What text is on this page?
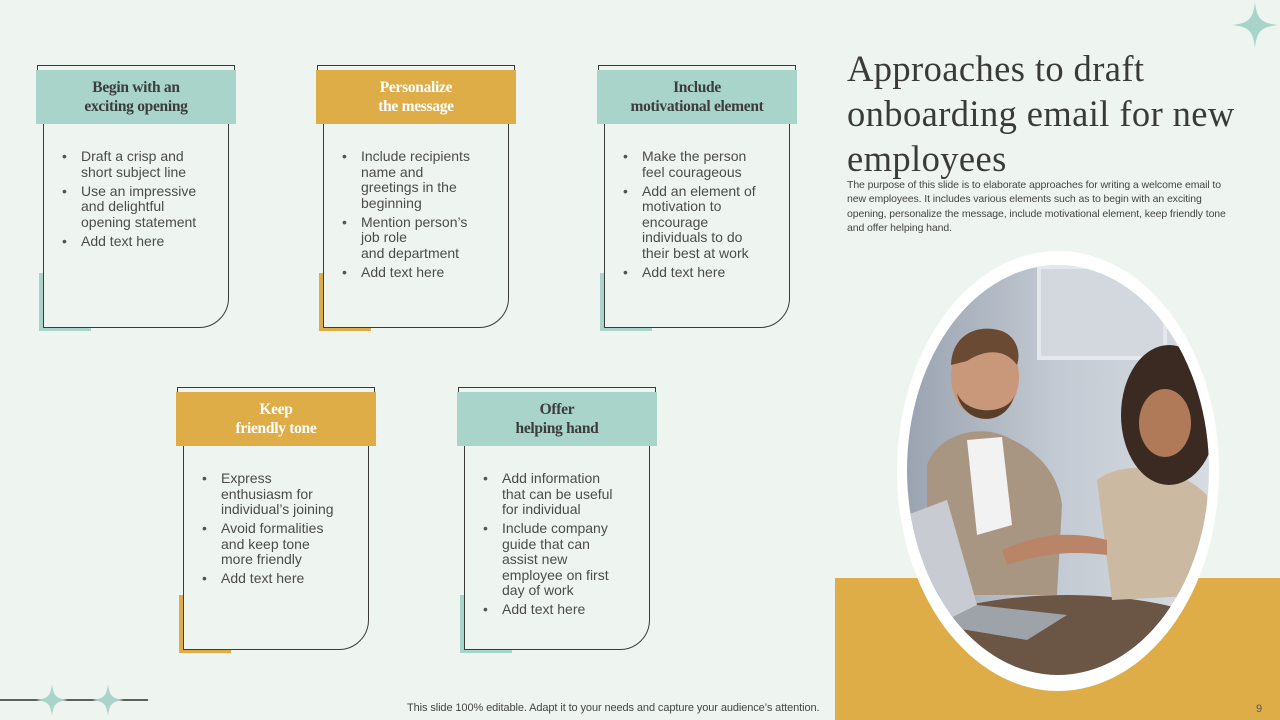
Begin with an
exciting opening
• Draft a crisp and
short subject line
• Use an impressive
and delightful
opening statement
• Add text here
Personalize
the message
• Include recipients
name and
greetings in the
beginning
• Mention person’s
job role
and department
• Add text here
Include
motivational element
• Make the person
feel courageous
• Add an element of
motivation to
encourage
individuals to do
their best at work
• Add text here
Keep
friendly tone
• Express
enthusiasm for
individual’s joining
• Avoid formalities
and keep tone
more friendly
• Add text here
Offer
helping hand
• Add information
that can be useful
for individual
• Include company
guide that can
assist new
employee on first
day of work
• Add text here
Approaches to draft onboarding email for new employees
The purpose of this slide is to elaborate approaches for writing a welcome email to new employees. It includes various elements such as to begin with an exciting opening, personalize the message, include motivational element, keep friendly tone and offer helping hand.
This slide 100% editable. Adapt it to your needs and capture your audience’s attention.	9
